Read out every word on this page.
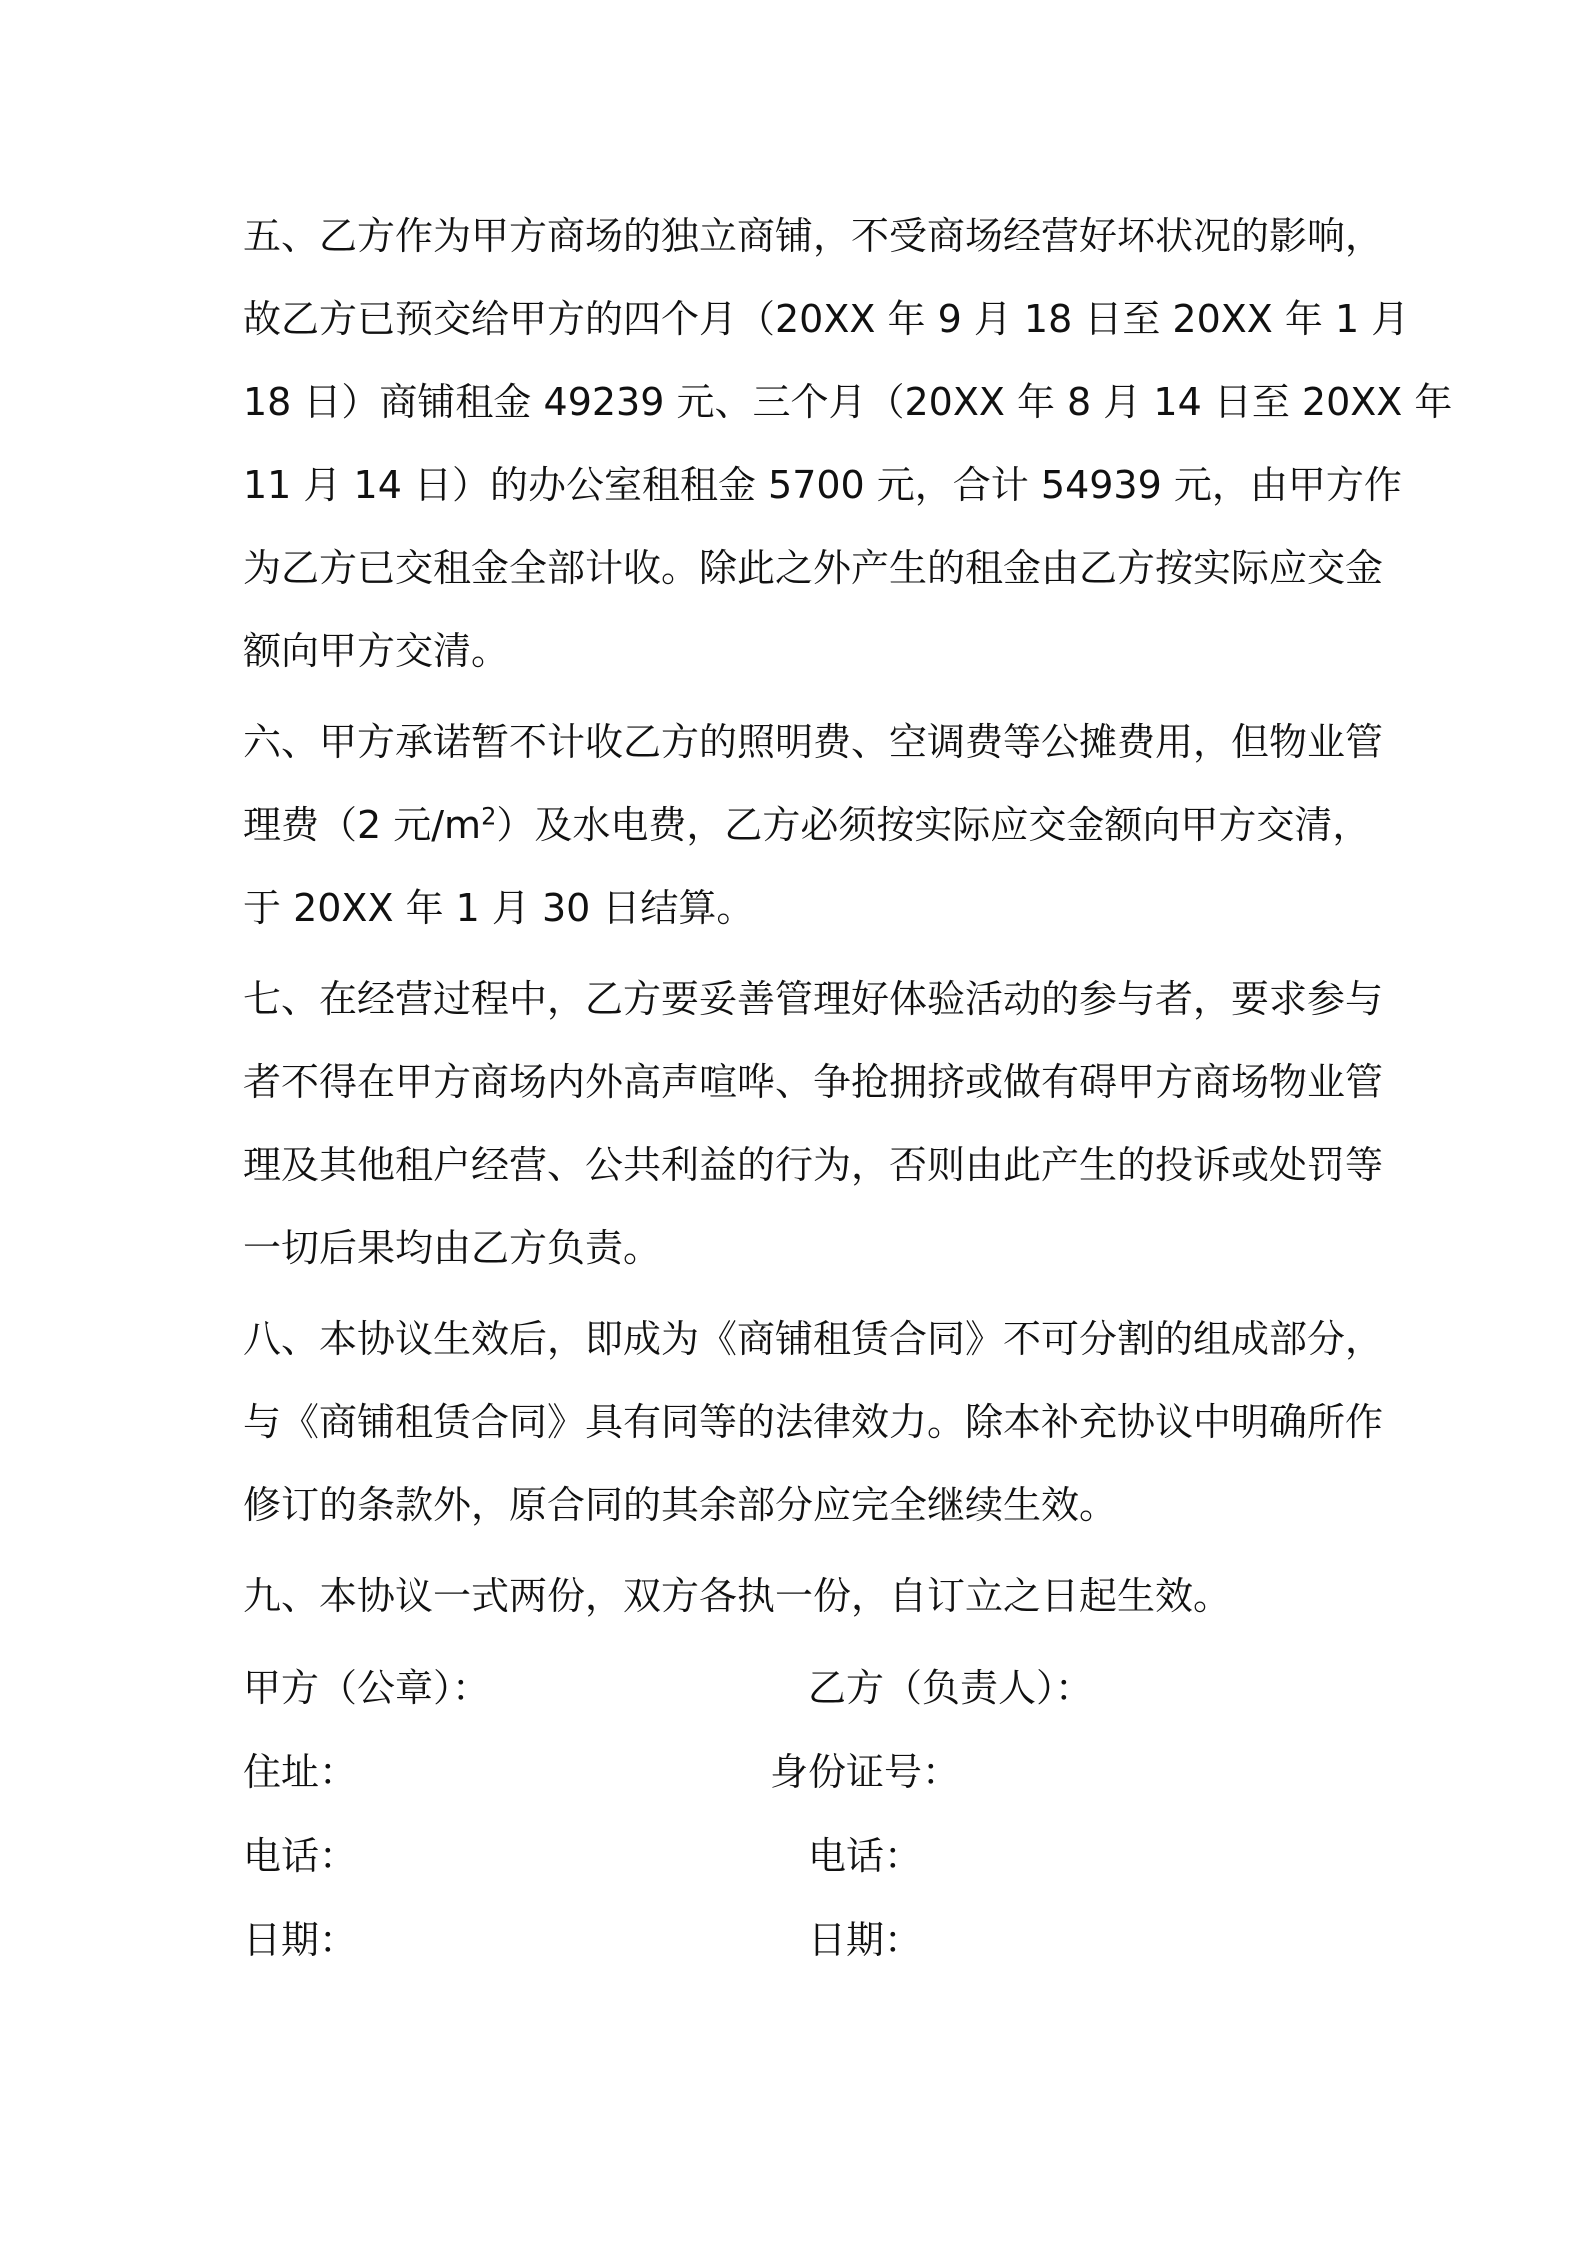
五、乙方作为甲方商场的独立商铺，不受商场经营好坏状况的影响，
故乙方已预交给甲方的四个月（20XX 年 9 月 18 日至 20XX 年 1 月
18 日）商铺租金 49239 元、三个月（20XX 年 8 月 14 日至 20XX 年
11 月 14 日）的办公室租租金 5700 元，合计 54939 元，由甲方作
为乙方已交租金全部计收。除此之外产生的租金由乙方按实际应交金
额向甲方交清。
六、甲方承诺暂不计收乙方的照明费、空调费等公摊费用，但物业管
理费（2 元$/m^2$）及水电费，乙方必须按实际应交金额向甲方交清，
于 20XX 年 1 月 30 日结算。
七、在经营过程中，乙方要妥善管理好体验活动的参与者，要求参与
者不得在甲方商场内外高声喧哗、争抢拥挤或做有碍甲方商场物业管
理及其他租户经营、公共利益的行为，否则由此产生的投诉或处罚等
一切后果均由乙方负责。
八、本协议生效后，即成为《商铺租赁合同》不可分割的组成部分，
与《商铺租赁合同》具有同等的法律效力。除本补充协议中明确所作
修订的条款外，原合同的其余部分应完全继续生效。
九、本协议一式两份，双方各执一份，自订立之日起生效。
甲方（公章）：	乙方（负责人）：
住址：	身份证号：
电话：	电话：
日期：	日期：
